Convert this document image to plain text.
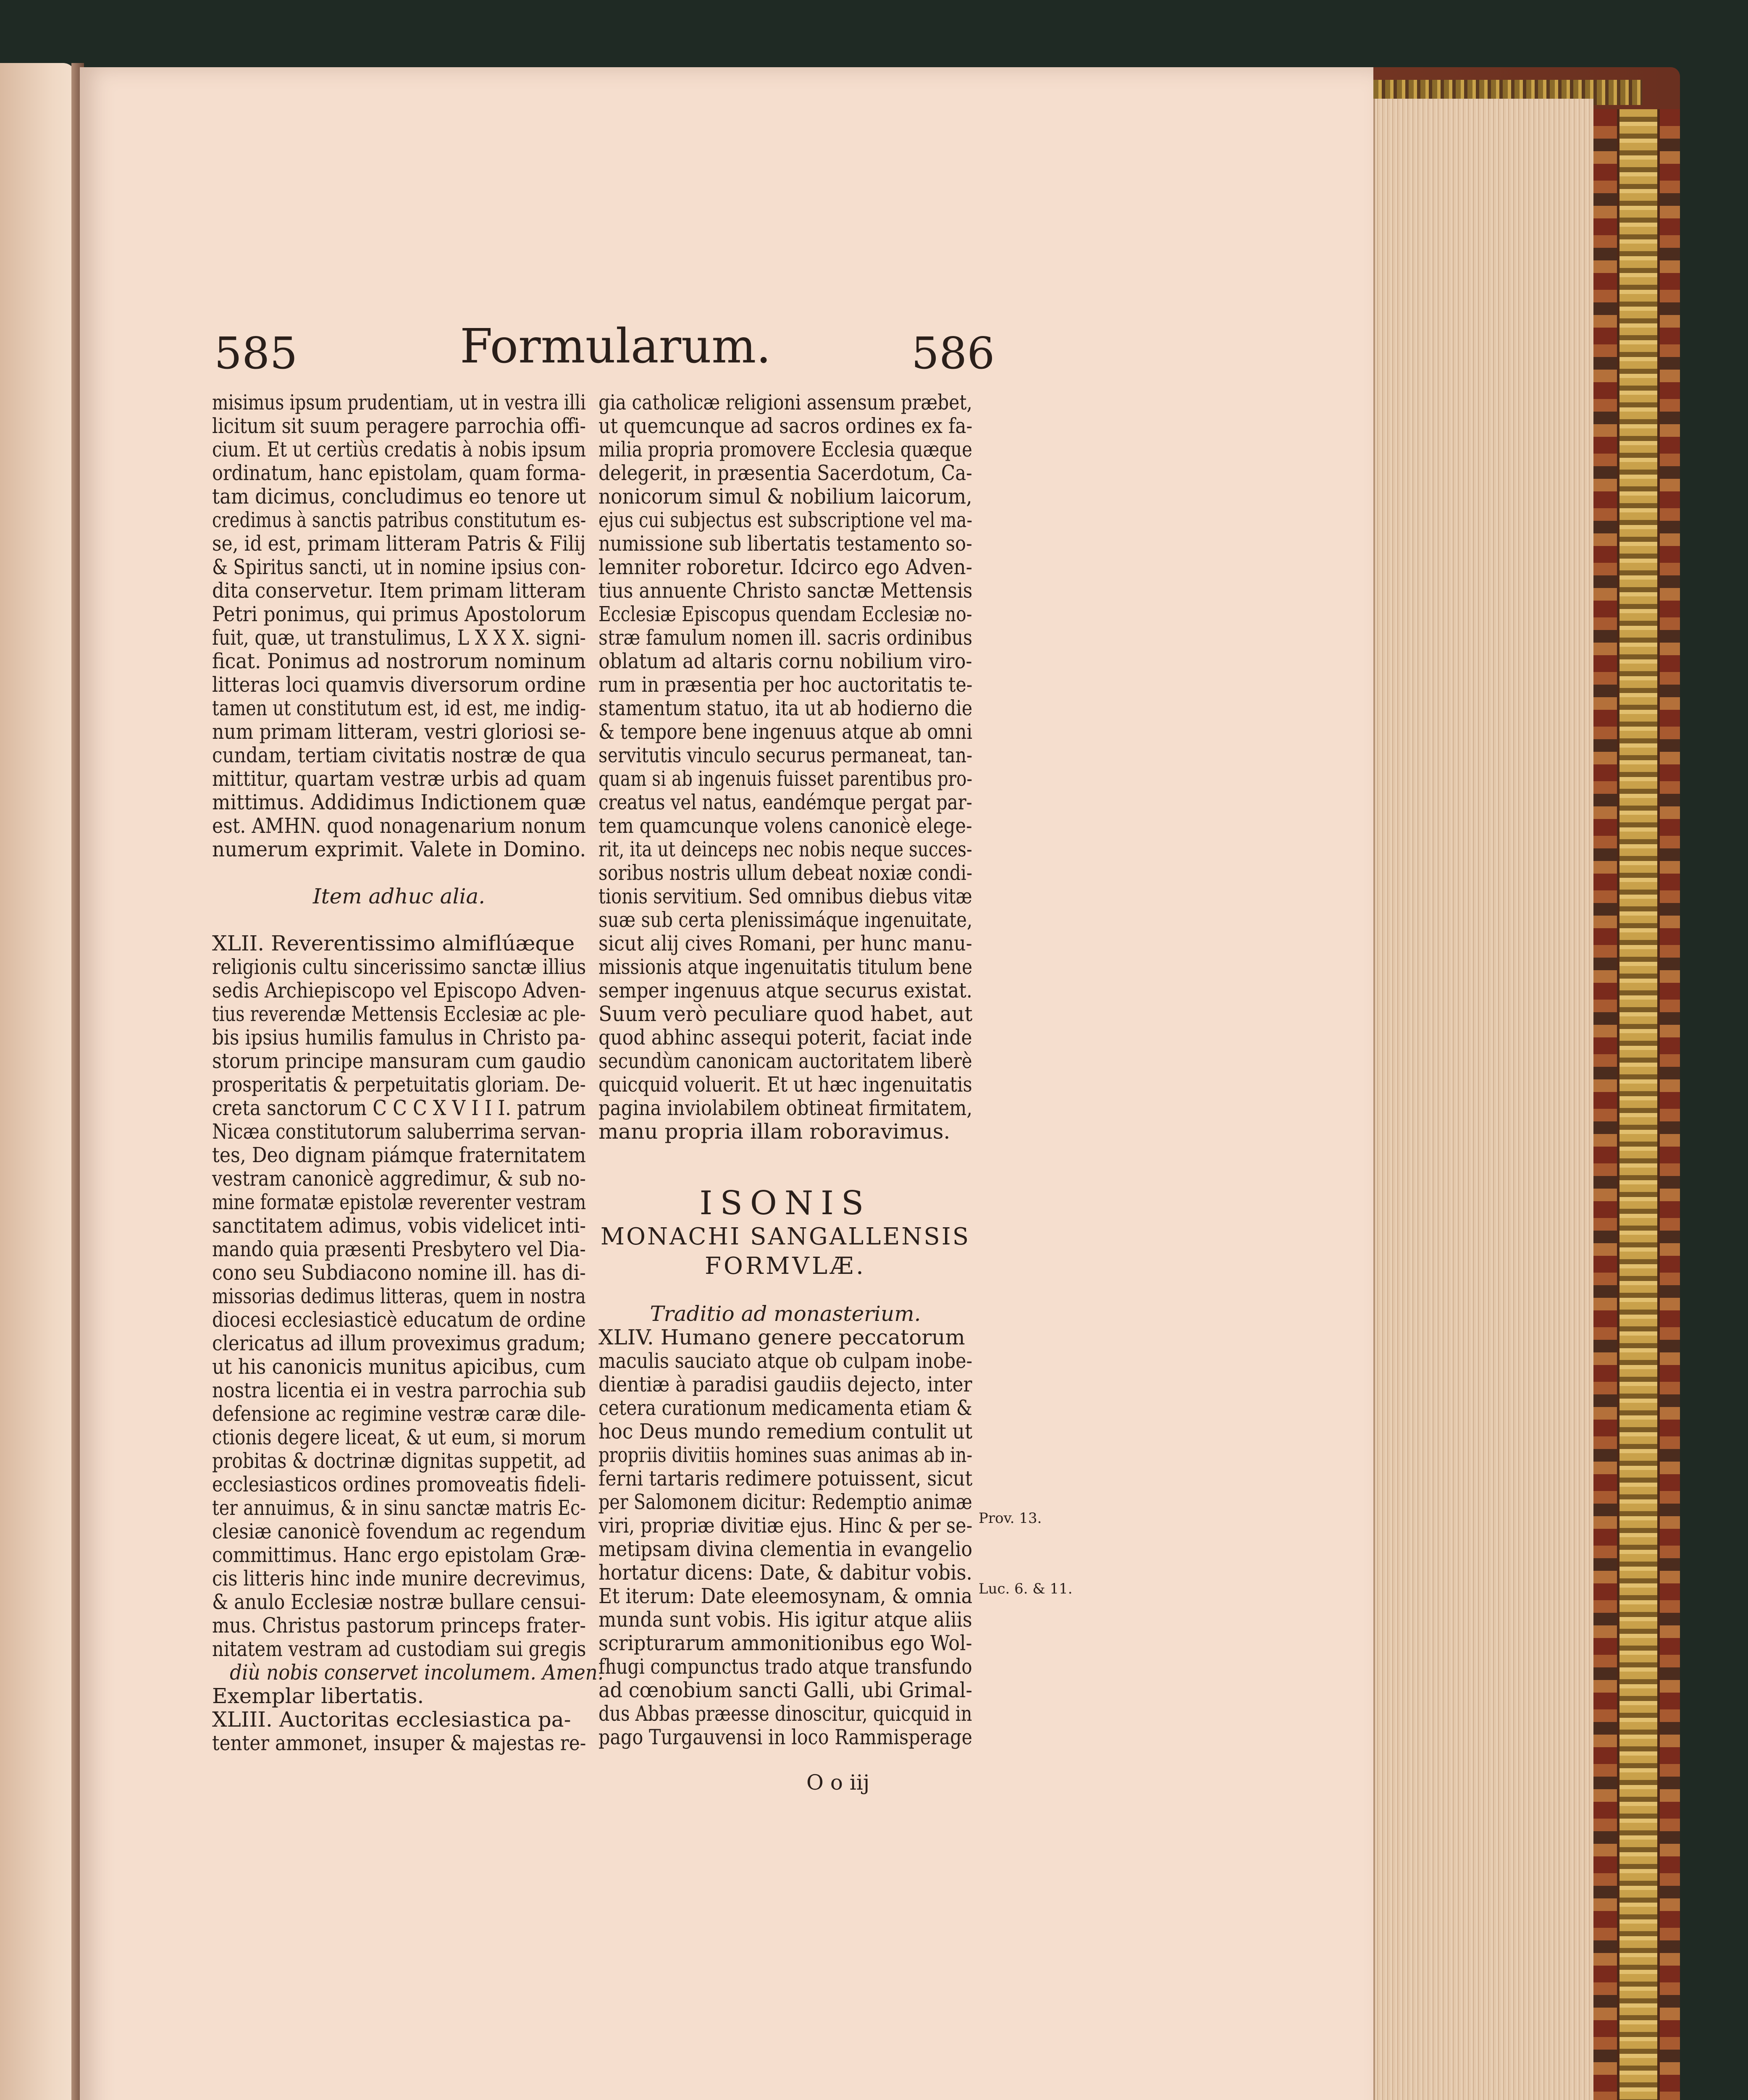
585	Formularum.	586
misimus ipsum prudentiam, ut in vestra illi
licitum sit suum peragere parrochia offi-
cium. Et ut certiùs credatis à nobis ipsum
ordinatum, hanc epistolam, quam forma-
tam dicimus, concludimus eo tenore ut
credimus à sanctis patribus constitutum es-
se, id est, primam litteram Patris & Filij
& Spiritus sancti, ut in nomine ipsius con-
dita conservetur. Item primam litteram
Petri ponimus, qui primus Apostolorum
fuit, quæ, ut transtulimus, L X X X. signi-
ficat. Ponimus ad nostrorum nominum
litteras loci quamvis diversorum ordine
tamen ut constitutum est, id est, me indig-
num primam litteram, vestri gloriosi se-
cundam, tertiam civitatis nostræ de qua
mittitur, quartam vestræ urbis ad quam
mittimus. Addidimus Indictionem quæ
est. AMHN. quod nonagenarium nonum
numerum exprimit. Valete in Domino.
Item adhuc alia.
XLII. Reverentissimo almiflúæque
religionis cultu sincerissimo sanctæ illius
sedis Archiepiscopo vel Episcopo Adven-
tius reverendæ Mettensis Ecclesiæ ac ple-
bis ipsius humilis famulus in Christo pa-
storum principe mansuram cum gaudio
prosperitatis & perpetuitatis gloriam. De-
creta sanctorum C C C X V I I I. patrum
Nicæa constitutorum saluberrima servan-
tes, Deo dignam piámque fraternitatem
vestram canonicè aggredimur, & sub no-
mine formatæ epistolæ reverenter vestram
sanctitatem adimus, vobis videlicet inti-
mando quia præsenti Presbytero vel Dia-
cono seu Subdiacono nomine ill. has di-
missorias dedimus litteras, quem in nostra
diocesi ecclesiasticè educatum de ordine
clericatus ad illum proveximus gradum;
ut his canonicis munitus apicibus, cum
nostra licentia ei in vestra parrochia sub
defensione ac regimine vestræ caræ dile-
ctionis degere liceat, & ut eum, si morum
probitas & doctrinæ dignitas suppetit, ad
ecclesiasticos ordines promoveatis fideli-
ter annuimus, & in sinu sanctæ matris Ec-
clesiæ canonicè fovendum ac regendum
committimus. Hanc ergo epistolam Græ-
cis litteris hinc inde munire decrevimus,
& anulo Ecclesiæ nostræ bullare censui-
mus. Christus pastorum princeps frater-
nitatem vestram ad custodiam sui gregis
diù nobis conservet incolumem. Amen.
Exemplar libertatis.
XLIII. Auctoritas ecclesiastica pa-
tenter ammonet, insuper & majestas re-
gia catholicæ religioni assensum præbet,
ut quemcunque ad sacros ordines ex fa-
milia propria promovere Ecclesia quæque
delegerit, in præsentia Sacerdotum, Ca-
nonicorum simul & nobilium laicorum,
ejus cui subjectus est subscriptione vel ma-
numissione sub libertatis testamento so-
lemniter roboretur. Idcirco ego Adven-
tius annuente Christo sanctæ Mettensis
Ecclesiæ Episcopus quendam Ecclesiæ no-
stræ famulum nomen ill. sacris ordinibus
oblatum ad altaris cornu nobilium viro-
rum in præsentia per hoc auctoritatis te-
stamentum statuo, ita ut ab hodierno die
& tempore bene ingenuus atque ab omni
servitutis vinculo securus permaneat, tan-
quam si ab ingenuis fuisset parentibus pro-
creatus vel natus, eandémque pergat par-
tem quamcunque volens canonicè elege-
rit, ita ut deinceps nec nobis neque succes-
soribus nostris ullum debeat noxiæ condi-
tionis servitium. Sed omnibus diebus vitæ
suæ sub certa plenissimáque ingenuitate,
sicut alij cives Romani, per hunc manu-
missionis atque ingenuitatis titulum bene
semper ingenuus atque securus existat.
Suum verò peculiare quod habet, aut
quod abhinc assequi poterit, faciat inde
secundùm canonicam auctoritatem liberè
quicquid voluerit. Et ut hæc ingenuitatis
pagina inviolabilem obtineat firmitatem,
manu propria illam roboravimus.
ISONIS
MONACHI SANGALLENSIS
FORMVLÆ.
Traditio ad monasterium.
XLIV. Humano genere peccatorum
maculis sauciato atque ob culpam inobe-
dientiæ à paradisi gaudiis dejecto, inter
cetera curationum medicamenta etiam &
hoc Deus mundo remedium contulit ut
propriis divitiis homines suas animas ab in-
ferni tartaris redimere potuissent, sicut
per Salomonem dicitur: Redemptio animæ
viri, propriæ divitiæ ejus. Hinc & per se-
metipsam divina clementia in evangelio
hortatur dicens: Date, & dabitur vobis.
Et iterum: Date eleemosynam, & omnia
munda sunt vobis. His igitur atque aliis
scripturarum ammonitionibus ego Wol-
fhugi compunctus trado atque transfundo
ad cœnobium sancti Galli, ubi Grimal-
dus Abbas præesse dinoscitur, quicquid in
pago Turgauvensi in loco Rammisperage
Prov. 13.
Luc. 6. & 11.
O o iij
